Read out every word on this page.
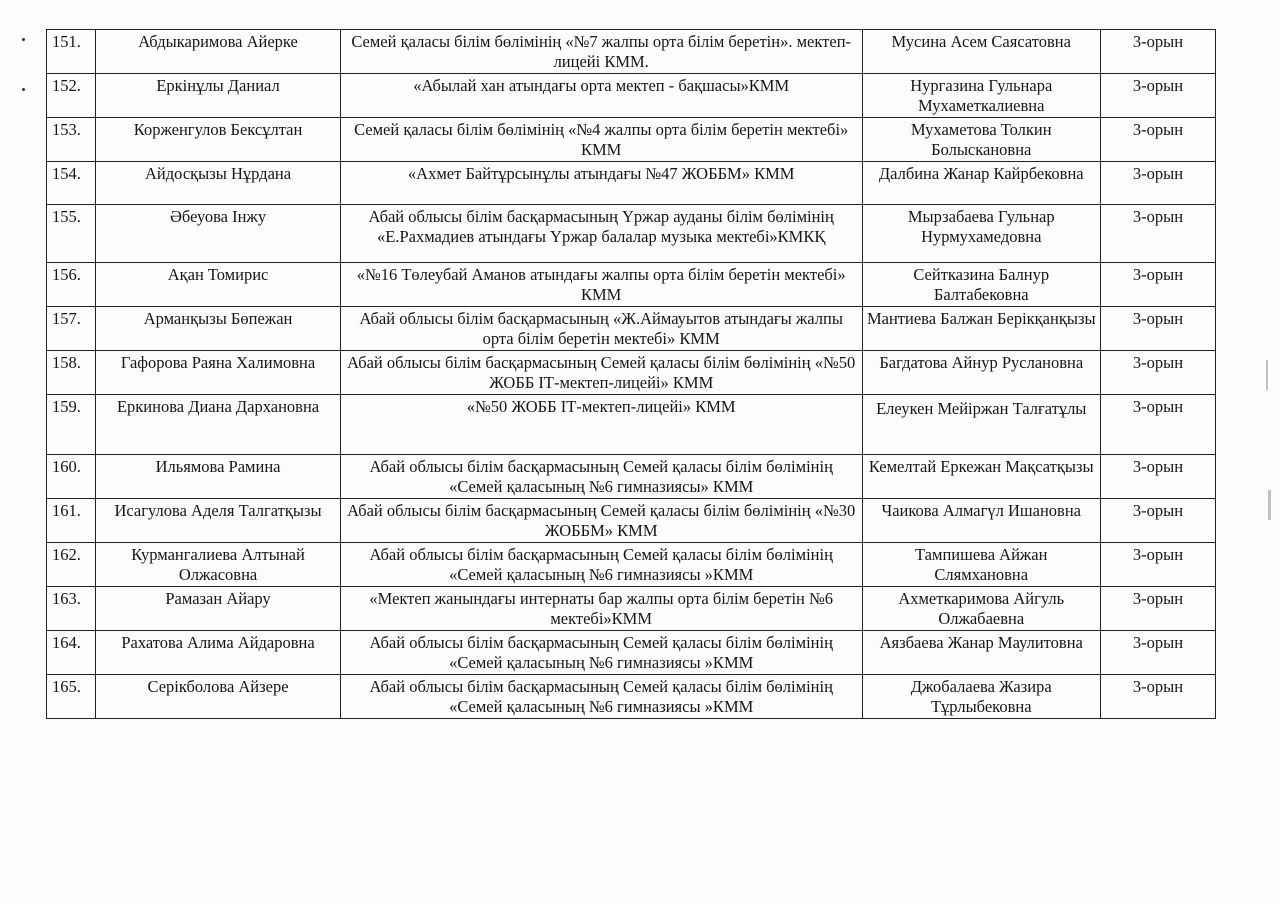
151.	Абдыкаримова Айерке	Семей қаласы білім бөлімінің «№7 жалпы орта білім беретін». мектеп-лицейі КММ.	Мусина Асем Саясатовна	3-орын
152.	Еркінұлы Даниал	«Абылай хан атындағы орта мектеп - бақшасы»КММ	Нургазина Гульнара Мухаметкалиевна	3-орын
153.	Корженгулов Бексұлтан	Семей қаласы білім бөлімінің «№4 жалпы орта білім беретін мектебі» КММ	Мухаметова Толкин Болыскановна	3-орын
154.	Айдосқызы Нұрдана	«Ахмет Байтұрсынұлы атындағы №47 ЖОББМ» КММ	Далбина Жанар Кайрбековна	3-орын
155.	Әбеуова Інжу	Абай облысы білім басқармасының Үржар ауданы білім бөлімінің «Е.Рахмадиев атындағы Үржар балалар музыка мектебі»КМКҚ	Мырзабаева Гульнар Нурмухамедовна	3-орын
156.	Ақан Томирис	«№16 Төлеубай Аманов атындағы жалпы орта білім беретін мектебі» КММ	Сейтказина Балнур Балтабековна	3-орын
157.	Арманқызы Бөпежан	Абай облысы білім басқармасының «Ж.Аймауытов атындағы жалпы орта білім беретін мектебі» КММ	Мантиева Балжан Берікқанқызы	3-орын
158.	Гафорова Раяна Халимовна	Абай облысы білім басқармасының Семей қаласы білім бөлімінің «№50 ЖОББ ІТ-мектеп-лицейі» КММ	Багдатова Айнур Руслановна	3-орын
159.	Еркинова Диана Дархановна	«№50 ЖОББ ІТ-мектеп-лицейі» КММ	Елеукен Мейіржан Талғатұлы	3-орын
160.	Ильямова Рамина	Абай облысы білім басқармасының Семей қаласы білім бөлімінің «Семей қаласының №6 гимназиясы» КММ	Кемелтай Еркежан Мақсатқызы	3-орын
161.	Исагулова Аделя Талгатқызы	Абай облысы білім басқармасының Семей қаласы білім бөлімінің «№30 ЖОББМ» КММ	Чаикова Алмагүл Ишановна	3-орын
162.	Курмангалиева Алтынай Олжасовна	Абай облысы білім басқармасының Семей қаласы білім бөлімінің «Семей қаласының №6 гимназиясы »КММ	Тампишева Айжан Слямхановна	3-орын
163.	Рамазан Айару	«Мектеп жанындағы интернаты бар жалпы орта білім беретін №6 мектебі»КММ	Ахметкаримова Айгуль Олжабаевна	3-орын
164.	Рахатова Алима Айдаровна	Абай облысы білім басқармасының Семей қаласы білім бөлімінің «Семей қаласының №6 гимназиясы »КММ	Аязбаева Жанар Маулитовна	3-орын
165.	Серікболова Айзере	Абай облысы білім басқармасының Семей қаласы білім бөлімінің «Семей қаласының №6 гимназиясы »КММ	Джобалаева Жазира Тұрлыбековна	3-орын
